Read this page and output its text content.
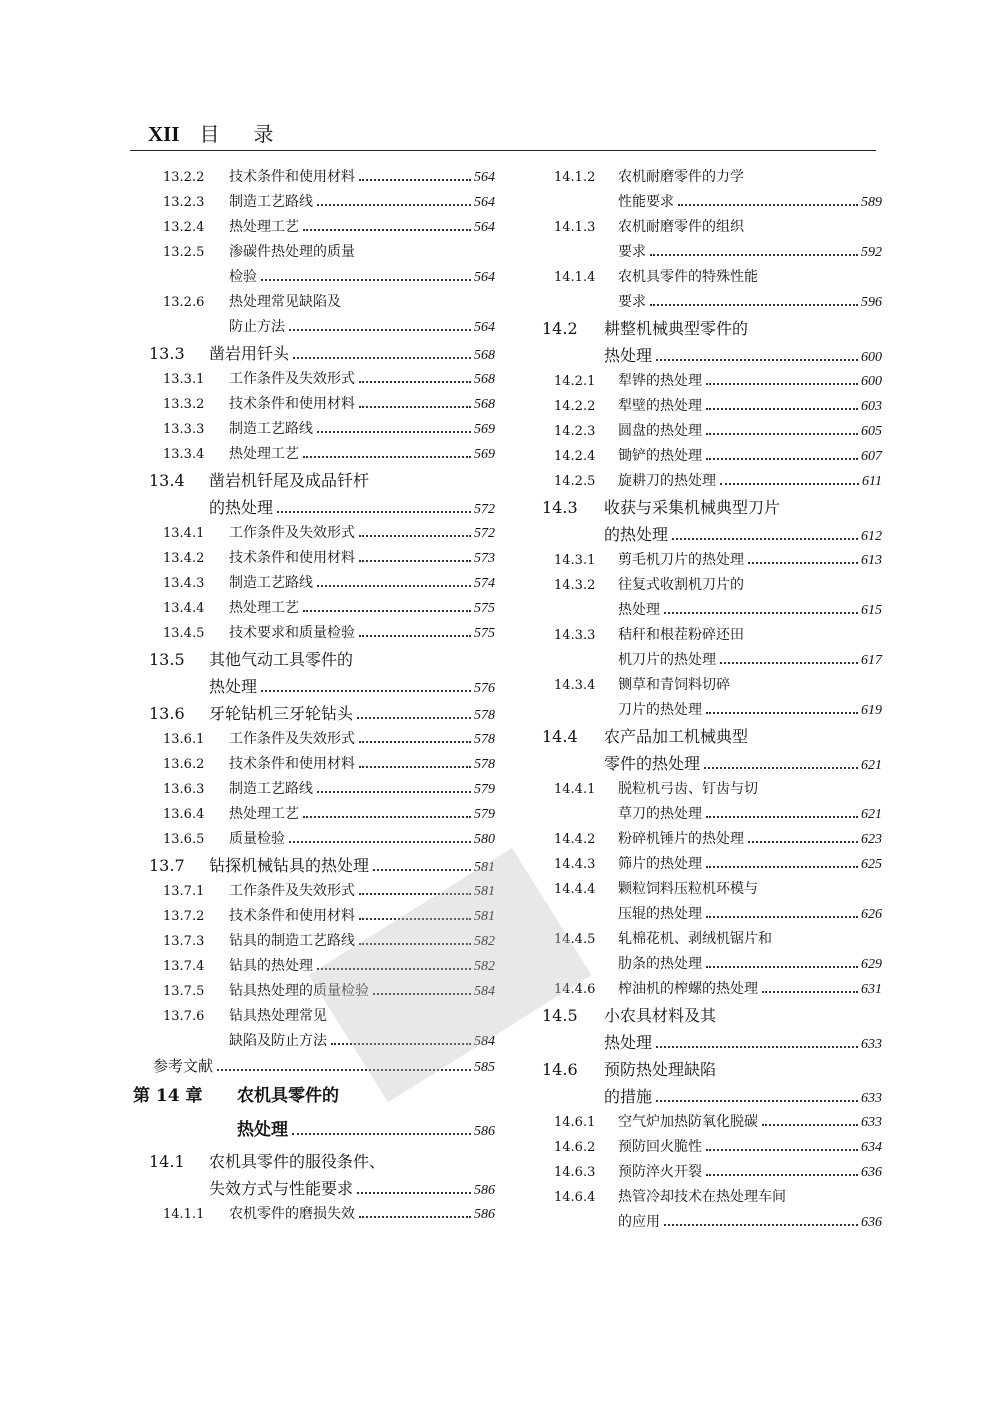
XII 目 录
13.2.2	技术条件和使用材料	564
13.2.3	制造工艺路线	564
13.2.4	热处理工艺	564
13.2.5	渗碳件热处理的质量
检验	564
13.2.6	热处理常见缺陷及
防止方法	564
13.3	凿岩用钎头	568
13.3.1	工作条件及失效形式	568
13.3.2	技术条件和使用材料	568
13.3.3	制造工艺路线	569
13.3.4	热处理工艺	569
13.4	凿岩机钎尾及成品钎杆
的热处理	572
13.4.1	工作条件及失效形式	572
13.4.2	技术条件和使用材料	573
13.4.3	制造工艺路线	574
13.4.4	热处理工艺	575
13.4.5	技术要求和质量检验	575
13.5	其他气动工具零件的
热处理	576
13.6	牙轮钻机三牙轮钻头	578
13.6.1	工作条件及失效形式	578
13.6.2	技术条件和使用材料	578
13.6.3	制造工艺路线	579
13.6.4	热处理工艺	579
13.6.5	质量检验	580
13.7	钻探机械钻具的热处理	581
13.7.1	工作条件及失效形式	581
13.7.2	技术条件和使用材料	581
13.7.3	钻具的制造工艺路线	582
13.7.4	钻具的热处理	582
13.7.5	钻具热处理的质量检验	584
13.7.6	钻具热处理常见
缺陷及防止方法	584
参考文献	585
第 14 章	农机具零件的
热处理	586
14.1	农机具零件的服役条件、
失效方式与性能要求	586
14.1.1	农机零件的磨损失效	586
14.1.2	农机耐磨零件的力学
性能要求	589
14.1.3	农机耐磨零件的组织
要求	592
14.1.4	农机具零件的特殊性能
要求	596
14.2	耕整机械典型零件的
热处理	600
14.2.1	犁铧的热处理	600
14.2.2	犁壁的热处理	603
14.2.3	圆盘的热处理	605
14.2.4	锄铲的热处理	607
14.2.5	旋耕刀的热处理	611
14.3	收获与采集机械典型刀片
的热处理	612
14.3.1	剪毛机刀片的热处理	613
14.3.2	往复式收割机刀片的
热处理	615
14.3.3	秸秆和根茬粉碎还田
机刀片的热处理	617
14.3.4	铡草和青饲料切碎
刀片的热处理	619
14.4	农产品加工机械典型
零件的热处理	621
14.4.1	脱粒机弓齿、钉齿与切
草刀的热处理	621
14.4.2	粉碎机锤片的热处理	623
14.4.3	筛片的热处理	625
14.4.4	颗粒饲料压粒机环模与
压辊的热处理	626
14.4.5	轧棉花机、剥绒机锯片和
肋条的热处理	629
14.4.6	榨油机的榨螺的热处理	631
14.5	小农具材料及其
热处理	633
14.6	预防热处理缺陷
的措施	633
14.6.1	空气炉加热防氧化脱碳	633
14.6.2	预防回火脆性	634
14.6.3	预防淬火开裂	636
14.6.4	热管冷却技术在热处理车间
的应用	636
